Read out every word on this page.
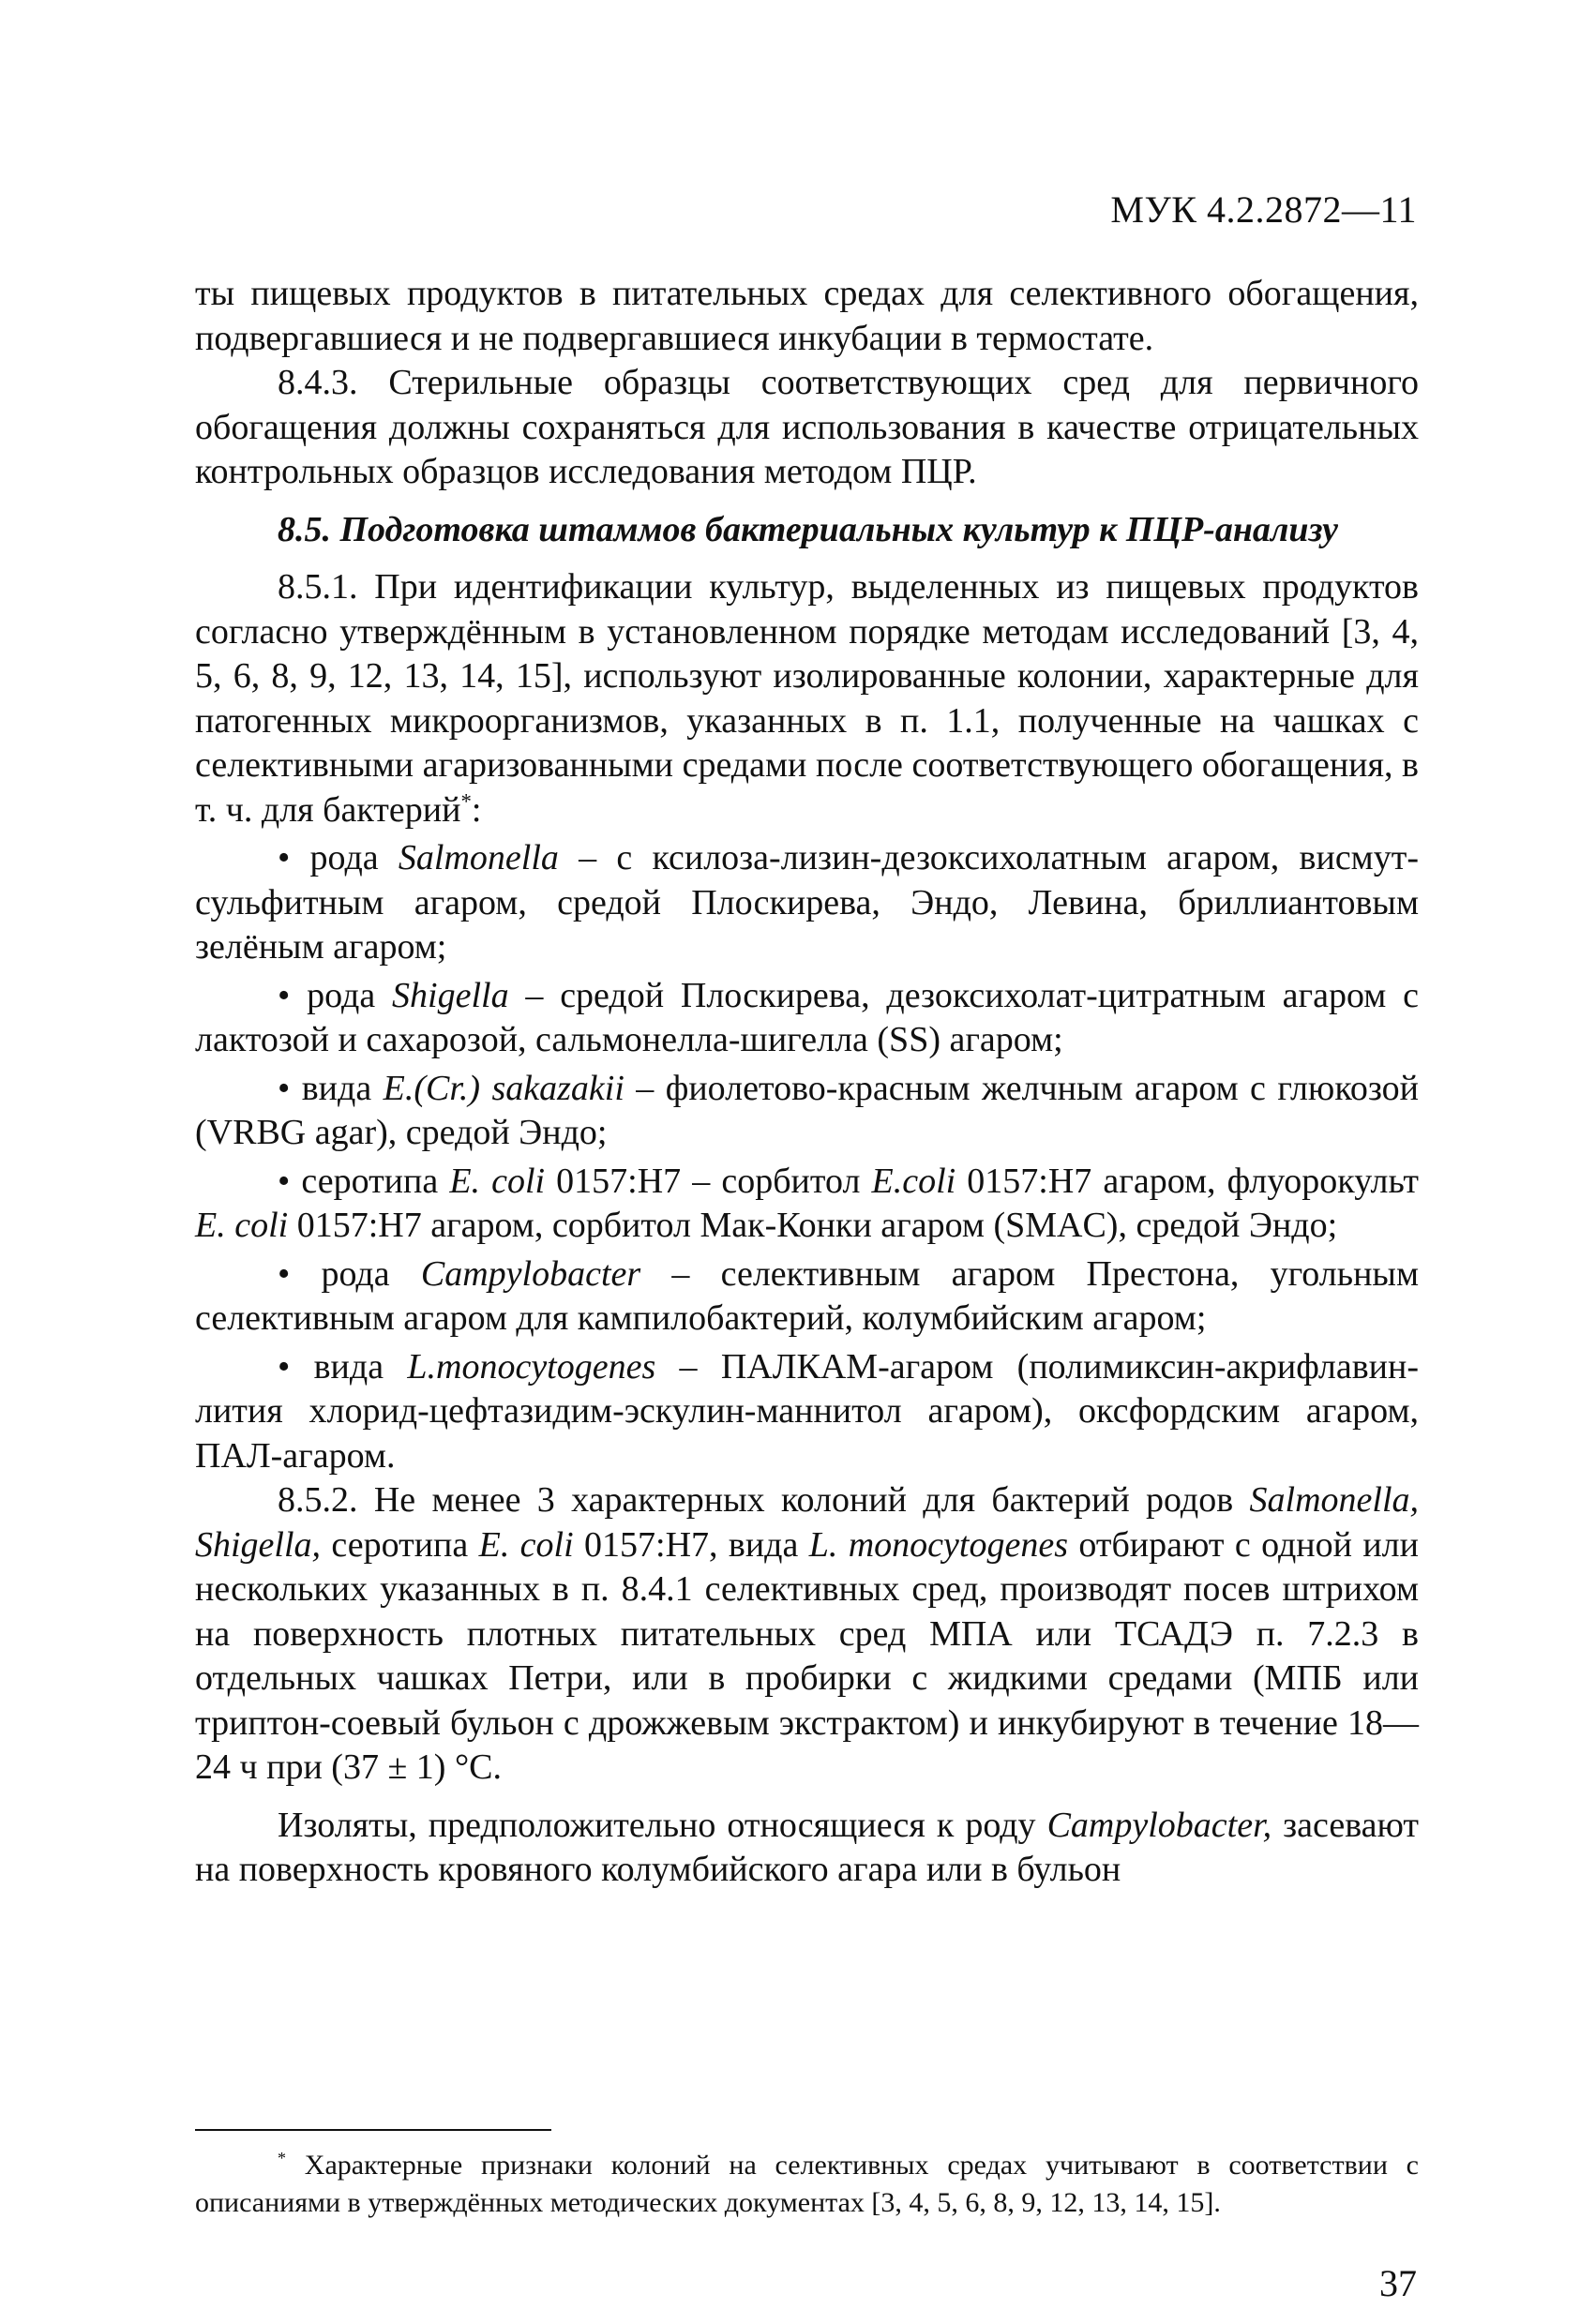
МУК 4.2.2872—11

ты пищевых продуктов в питательных средах для селективного обогащения, подвергавшиеся и не подвергавшиеся инкубации в термостате.

8.4.3. Стерильные образцы соответствующих сред для первичного обогащения должны сохраняться для использования в качестве отрицательных контрольных образцов исследования методом ПЦР.

8.5. Подготовка штаммов бактериальных культур к ПЦР-анализу

8.5.1. При идентификации культур, выделенных из пищевых продуктов согласно утверждённым в установленном порядке методам исследований [3, 4, 5, 6, 8, 9, 12, 13, 14, 15], используют изолированные колонии, характерные для патогенных микроорганизмов, указанных в п. 1.1, полученные на чашках с селективными агаризованными средами после соответствующего обогащения, в т. ч. для бактерий*:

• рода Salmonella – с ксилоза-лизин-дезоксихолатным агаром, висмут-сульфитным агаром, средой Плоскирева, Эндо, Левина, бриллиантовым зелёным агаром;

• рода Shigella – средой Плоскирева, дезоксихолат-цитратным агаром с лактозой и сахарозой, сальмонелла-шигелла (SS) агаром;

• вида E.(Cr.) sakazakii – фиолетово-красным желчным агаром с глюкозой (VRBG agar), средой Эндо;

• серотипа E. coli 0157:H7 – сорбитол E.coli 0157:H7 агаром, флуорокульт E. coli 0157:H7 агаром, сорбитол Мак-Конки агаром (SMAC), средой Эндо;

• рода Campylobacter – селективным агаром Престона, угольным селективным агаром для кампилобактерий, колумбийским агаром;

• вида L.monocytogenes – ПАЛКАМ-агаром (полимиксин-акрифлавин-лития хлорид-цефтазидим-эскулин-маннитол агаром), оксфордским агаром, ПАЛ-агаром.

8.5.2. Не менее 3 характерных колоний для бактерий родов Salmonella, Shigella, серотипа E. coli 0157:H7, вида L. monocytogenes отбирают с одной или нескольких указанных в п. 8.4.1 селективных сред, производят посев штрихом на поверхность плотных питательных сред МПА или ТСАДЭ п. 7.2.3 в отдельных чашках Петри, или в пробирки с жидкими средами (МПБ или триптон-соевый бульон с дрожжевым экстрактом) и инкубируют в течение 18—24 ч при (37 ± 1) °С.

Изоляты, предположительно относящиеся к роду Campylobacter, засевают на поверхность кровяного колумбийского агара или в бульон

* Характерные признаки колоний на селективных средах учитывают в соответствии с описаниями в утверждённых методических документах [3, 4, 5, 6, 8, 9, 12, 13, 14, 15].

37
